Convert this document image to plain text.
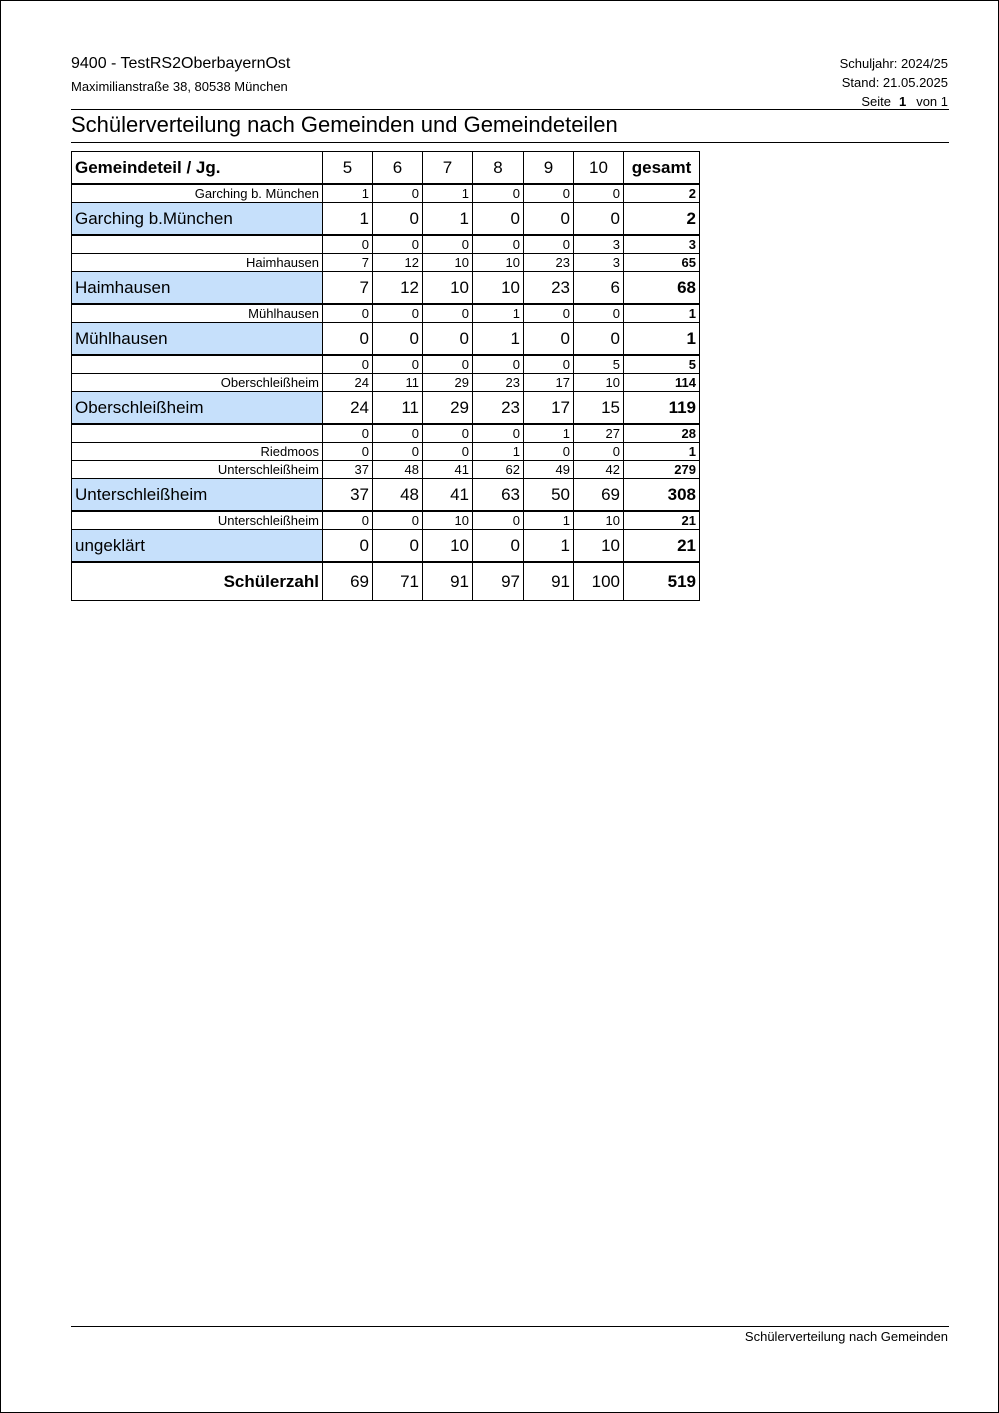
9400 - TestRS2OberbayernOst
Maximilianstraße 38, 80538 München
Schuljahr: 2024/25
Stand: 21.05.2025
Seite 1 von 1
Schülerverteilung nach Gemeinden und Gemeindeteilen
Gemeindeteil / Jg.	5	6	7	8	9	10	gesamt
Garching b. München	1	0	1	0	0	0	2
Garching b.München	1	0	1	0	0	0	2
	0	0	0	0	0	3	3
Haimhausen	7	12	10	10	23	3	65
Haimhausen	7	12	10	10	23	6	68
Mühlhausen	0	0	0	1	0	0	1
Mühlhausen	0	0	0	1	0	0	1
	0	0	0	0	0	5	5
Oberschleißheim	24	11	29	23	17	10	114
Oberschleißheim	24	11	29	23	17	15	119
	0	0	0	0	1	27	28
Riedmoos	0	0	0	1	0	0	1
Unterschleißheim	37	48	41	62	49	42	279
Unterschleißheim	37	48	41	63	50	69	308
Unterschleißheim	0	0	10	0	1	10	21
ungeklärt	0	0	10	0	1	10	21
Schülerzahl	69	71	91	97	91	100	519
Schülerverteilung nach Gemeinden
